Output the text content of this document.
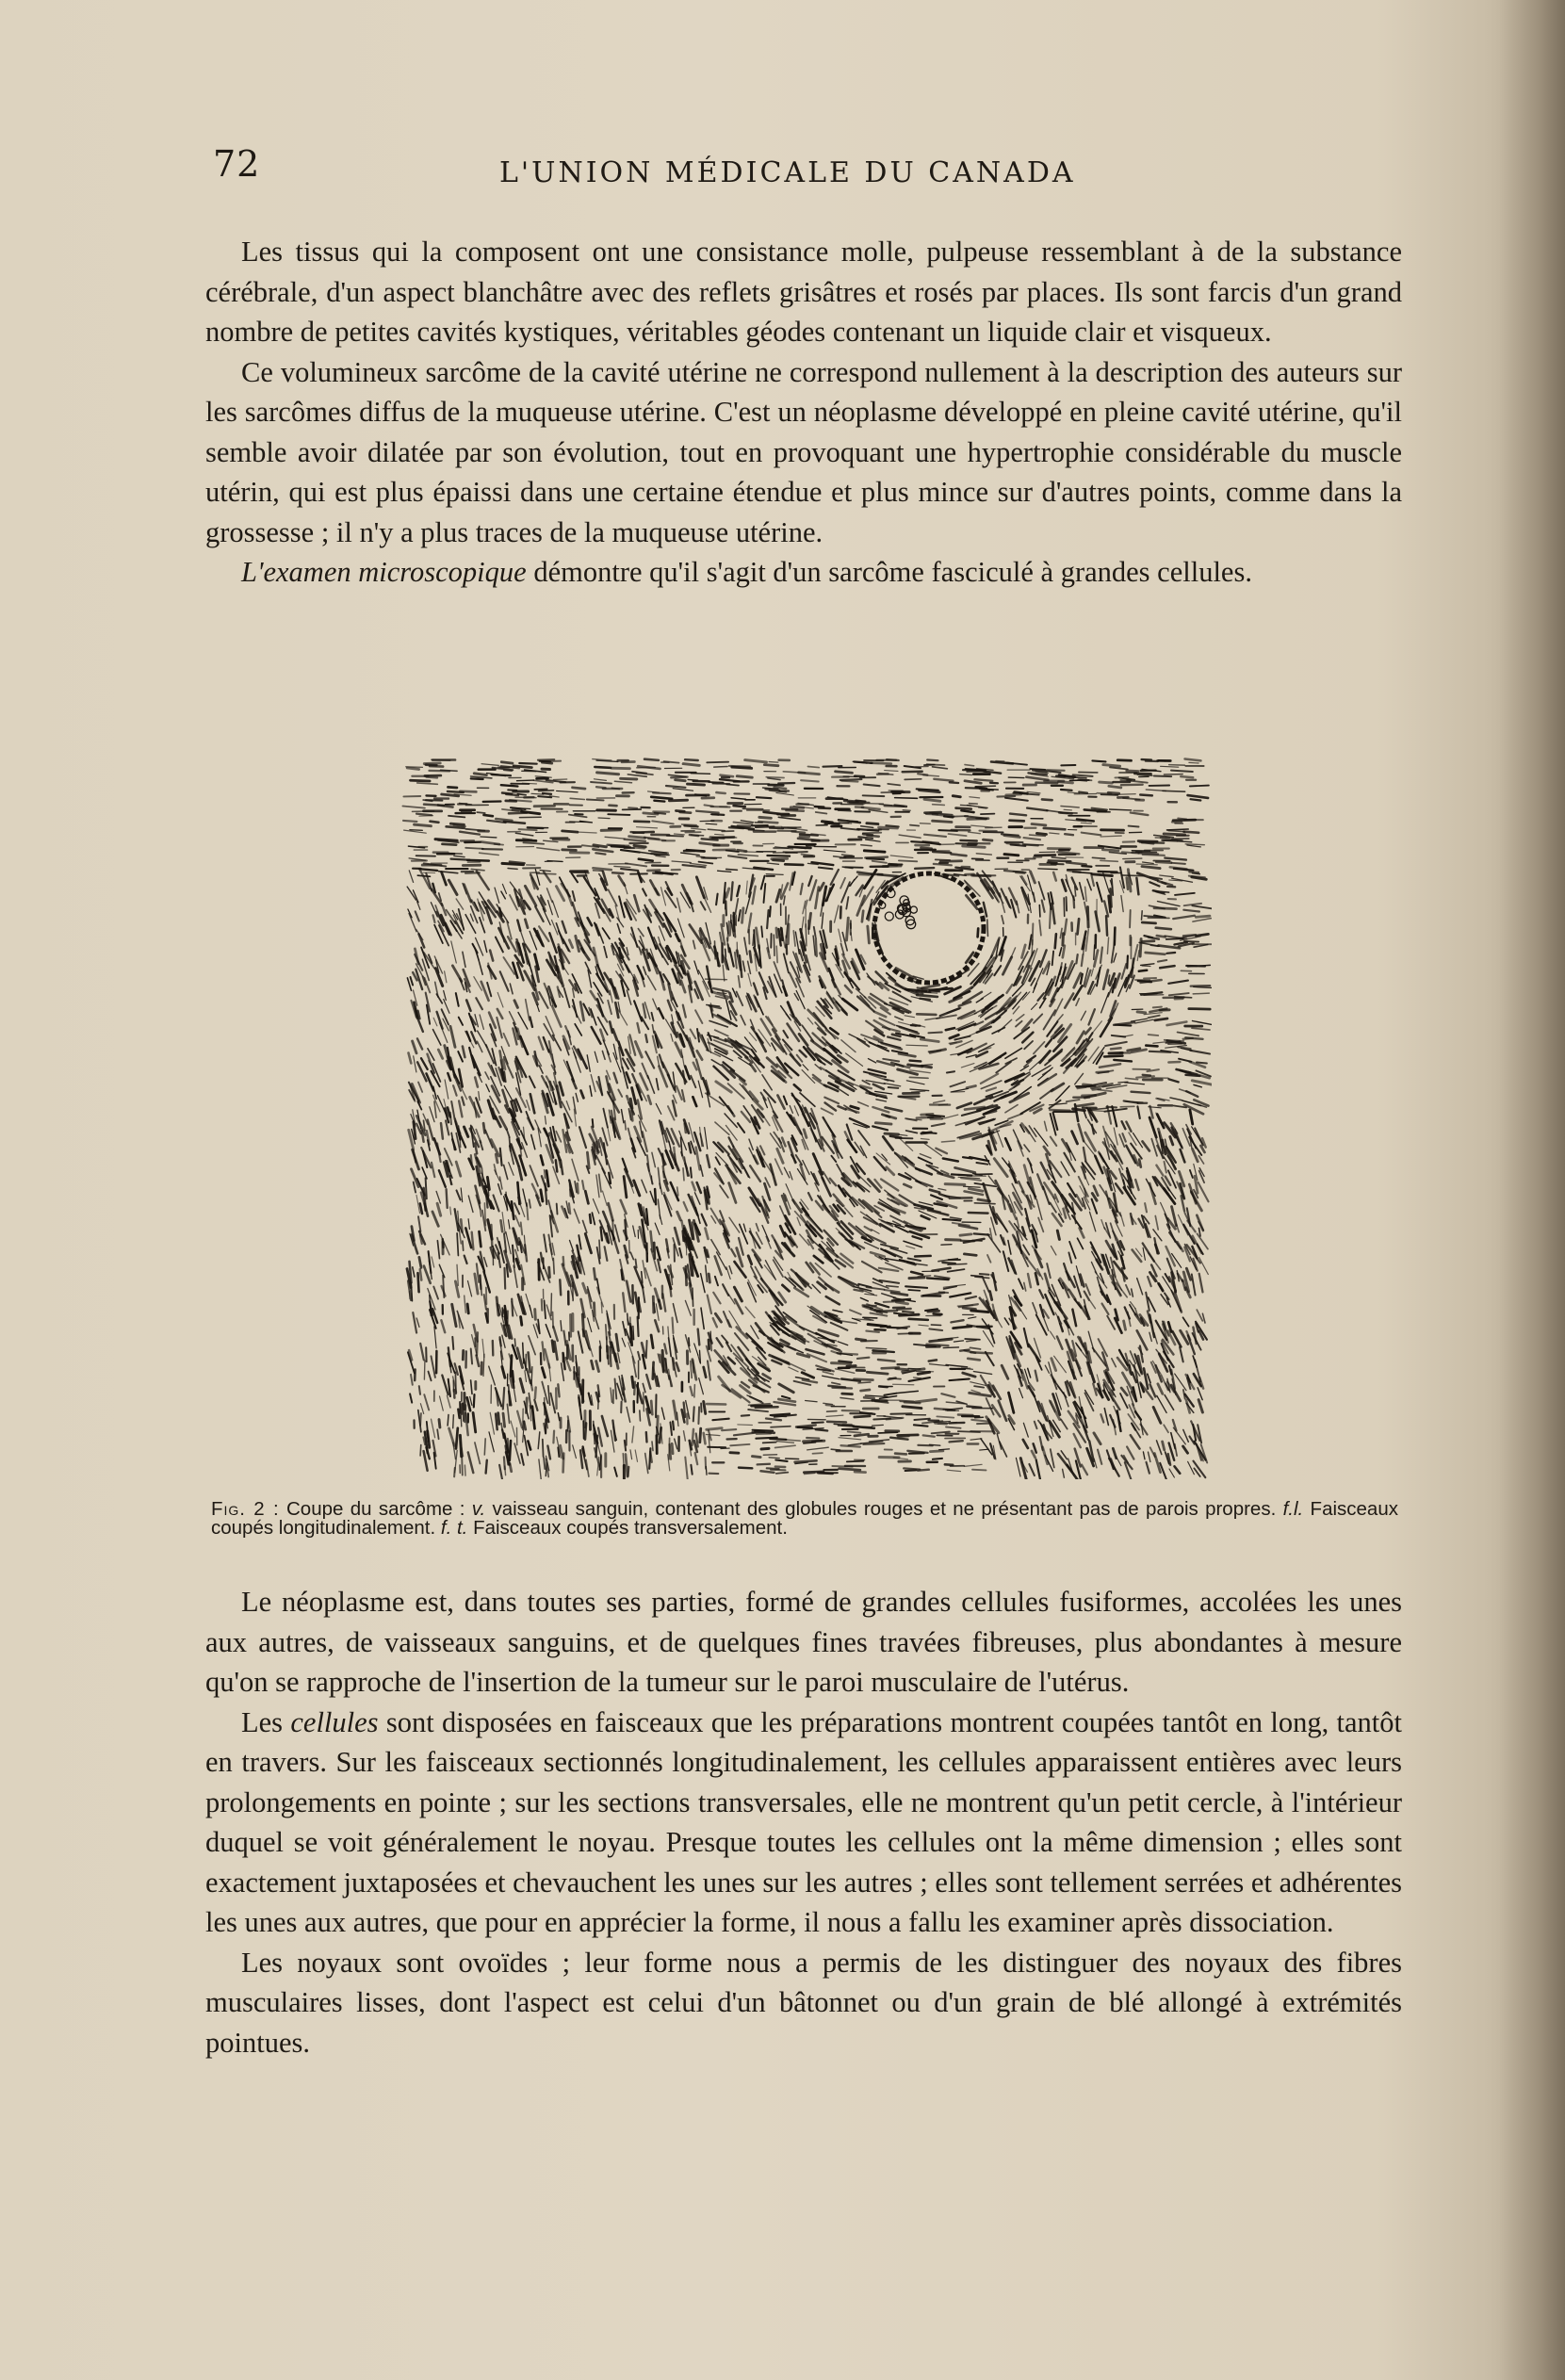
72	L'UNION MÉDICALE DU CANADA

Les tissus qui la composent ont une consistance molle, pulpeuse ressemblant à de la substance cérébrale, d'un aspect blanchâtre avec des reflets grisâtres et rosés par places. Ils sont farcis d'un grand nombre de petites cavités kystiques, véritables géodes contenant un liquide clair et visqueux.

Ce volumineux sarcôme de la cavité utérine ne correspond nullement à la description des auteurs sur les sarcômes diffus de la muqueuse utérine. C'est un néoplasme développé en pleine cavité utérine, qu'il semble avoir dilatée par son évolution, tout en provoquant une hypertrophie considérable du muscle utérin, qui est plus épaissi dans une certaine étendue et plus mince sur d'autres points, comme dans la grossesse ; il n'y a plus traces de la muqueuse utérine.

L'examen microscopique démontre qu'il s'agit d'un sarcôme fasciculé à grandes cellules.

Fig. 2 : Coupe du sarcôme : v. vaisseau sanguin, contenant des globules rouges et ne présentant pas de parois propres. f.l. Faisceaux coupés longitudinalement. f. t. Faisceaux coupés transversalement.

Le néoplasme est, dans toutes ses parties, formé de grandes cellules fusiformes, accolées les unes aux autres, de vaisseaux sanguins, et de quelques fines travées fibreuses, plus abondantes à mesure qu'on se rapproche de l'insertion de la tumeur sur le paroi musculaire de l'utérus.

Les cellules sont disposées en faisceaux que les préparations montrent coupées tantôt en long, tantôt en travers. Sur les faisceaux sectionnés longitudinalement, les cellules apparaissent entières avec leurs prolongements en pointe ; sur les sections transversales, elle ne montrent qu'un petit cercle, à l'intérieur duquel se voit généralement le noyau. Presque toutes les cellules ont la même dimension ; elles sont exactement juxtaposées et chevauchent les unes sur les autres ; elles sont tellement serrées et adhérentes les unes aux autres, que pour en apprécier la forme, il nous a fallu les examiner après dissociation.

Les noyaux sont ovoïdes ; leur forme nous a permis de les distinguer des noyaux des fibres musculaires lisses, dont l'aspect est celui d'un bâtonnet ou d'un grain de blé allongé à extrémités pointues.
